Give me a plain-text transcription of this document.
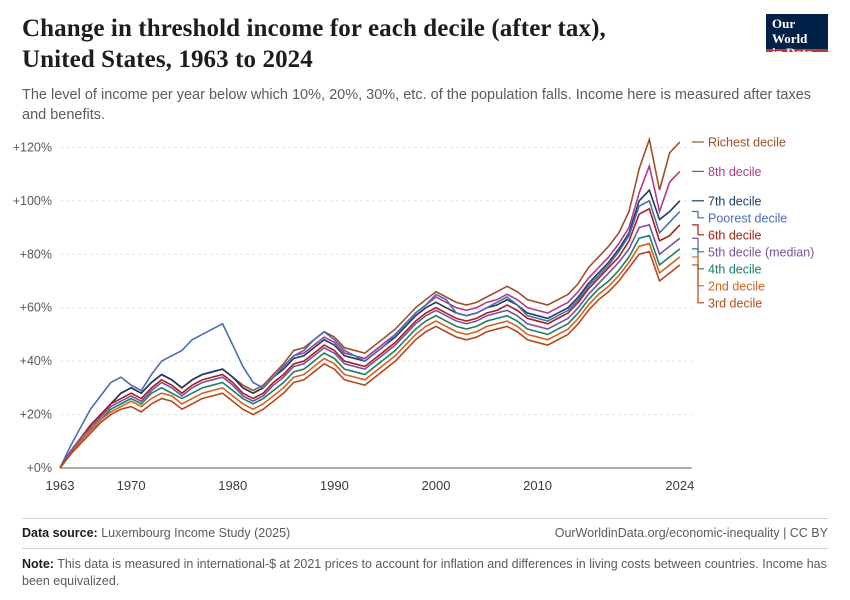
Change in threshold income for each decile (after tax), United States, 1963 to 2024

The level of income per year below which 10%, 20%, 30%, etc. of the population falls. Income here is measured after taxes and benefits.

Our World
in Data
+0%
+20%
+40%
+60%
+80%
+100%
+120%
1963	1970	1980	1990	2000	2010	2024
Richest decile
8th decile
7th decile
Poorest decile
6th decile
5th decile (median)
4th decile
2nd decile
3rd decile
Data source: Luxembourg Income Study (2025)	OurWorldinData.org/economic-inequality | CC BY
Note: This data is measured in international-$ at 2021 prices to account for inflation and differences in living costs between countries. Income has been equivalized.
